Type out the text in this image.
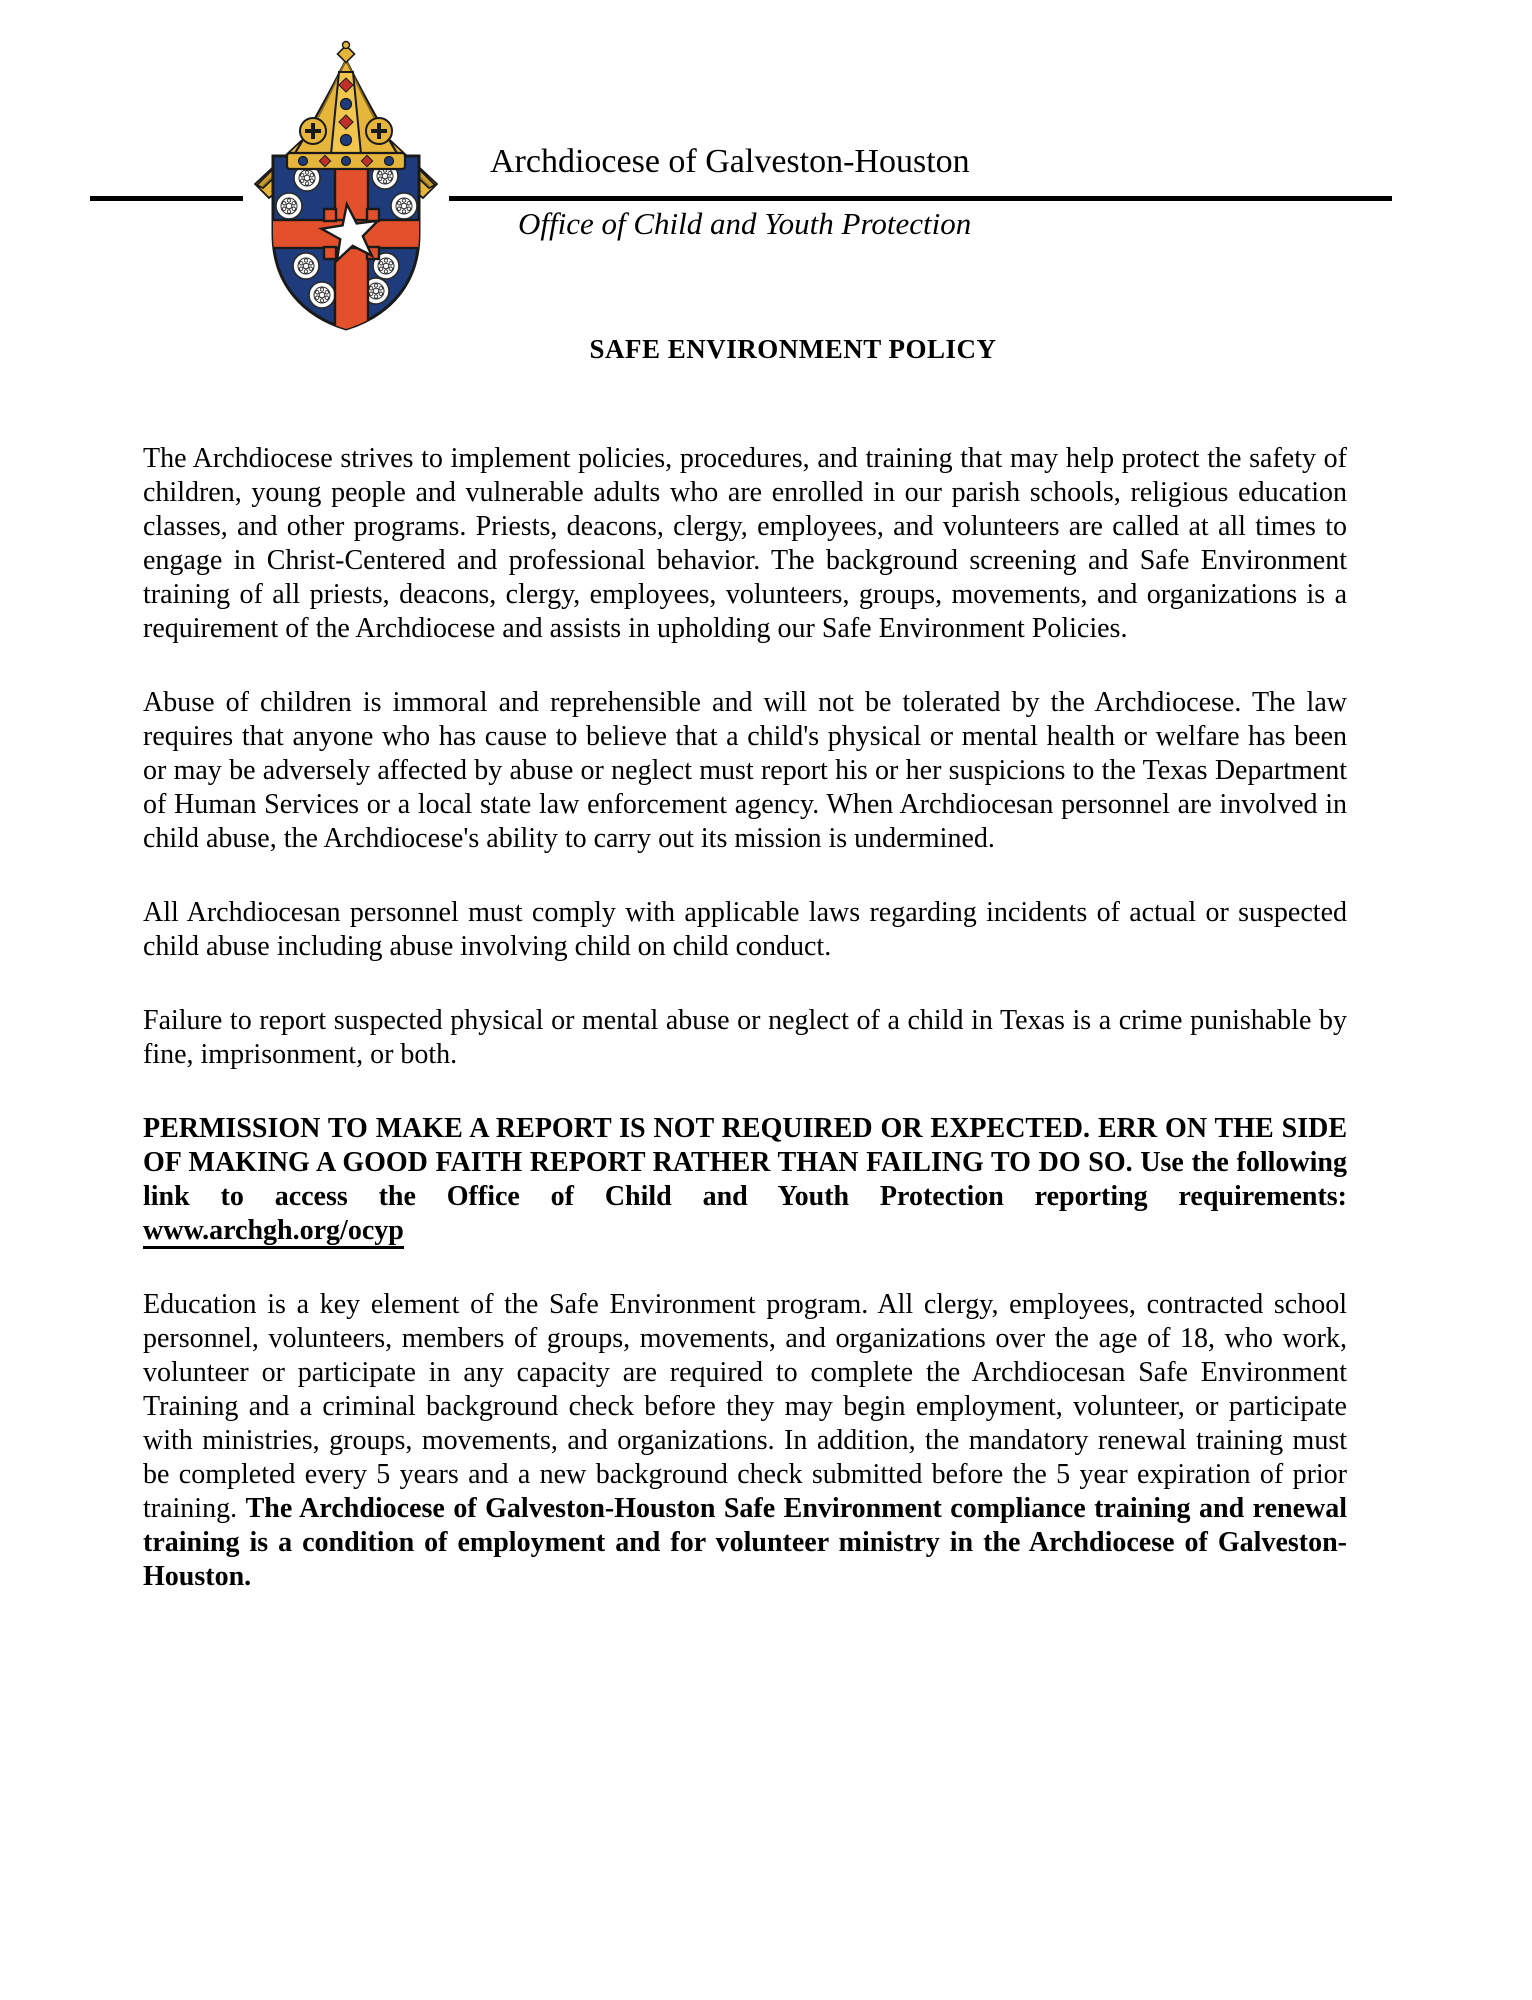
Archdiocese of Galveston-Houston
Office of Child and Youth Protection
SAFE ENVIRONMENT POLICY

The Archdiocese strives to implement policies, procedures, and training that may help protect the safety of children, young people and vulnerable adults who are enrolled in our parish schools, religious education classes, and other programs. Priests, deacons, clergy, employees, and volunteers are called at all times to engage in Christ-Centered and professional behavior. The background screening and Safe Environment training of all priests, deacons, clergy, employees, volunteers, groups, movements, and organizations is a requirement of the Archdiocese and assists in upholding our Safe Environment Policies.

Abuse of children is immoral and reprehensible and will not be tolerated by the Archdiocese. The law requires that anyone who has cause to believe that a child's physical or mental health or welfare has been or may be adversely affected by abuse or neglect must report his or her suspicions to the Texas Department of Human Services or a local state law enforcement agency. When Archdiocesan personnel are involved in child abuse, the Archdiocese's ability to carry out its mission is undermined.

All Archdiocesan personnel must comply with applicable laws regarding incidents of actual or suspected child abuse including abuse involving child on child conduct.

Failure to report suspected physical or mental abuse or neglect of a child in Texas is a crime punishable by fine, imprisonment, or both.

PERMISSION TO MAKE A REPORT IS NOT REQUIRED OR EXPECTED. ERR ON THE SIDE OF MAKING A GOOD FAITH REPORT RATHER THAN FAILING TO DO SO. Use the following link to access the Office of Child and Youth Protection reporting requirements: www.archgh.org/ocyp

Education is a key element of the Safe Environment program. All clergy, employees, contracted school personnel, volunteers, members of groups, movements, and organizations over the age of 18, who work, volunteer or participate in any capacity are required to complete the Archdiocesan Safe Environment Training and a criminal background check before they may begin employment, volunteer, or participate with ministries, groups, movements, and organizations. In addition, the mandatory renewal training must be completed every 5 years and a new background check submitted before the 5 year expiration of prior training. The Archdiocese of Galveston-Houston Safe Environment compliance training and renewal training is a condition of employment and for volunteer ministry in the Archdiocese of Galveston-Houston.
